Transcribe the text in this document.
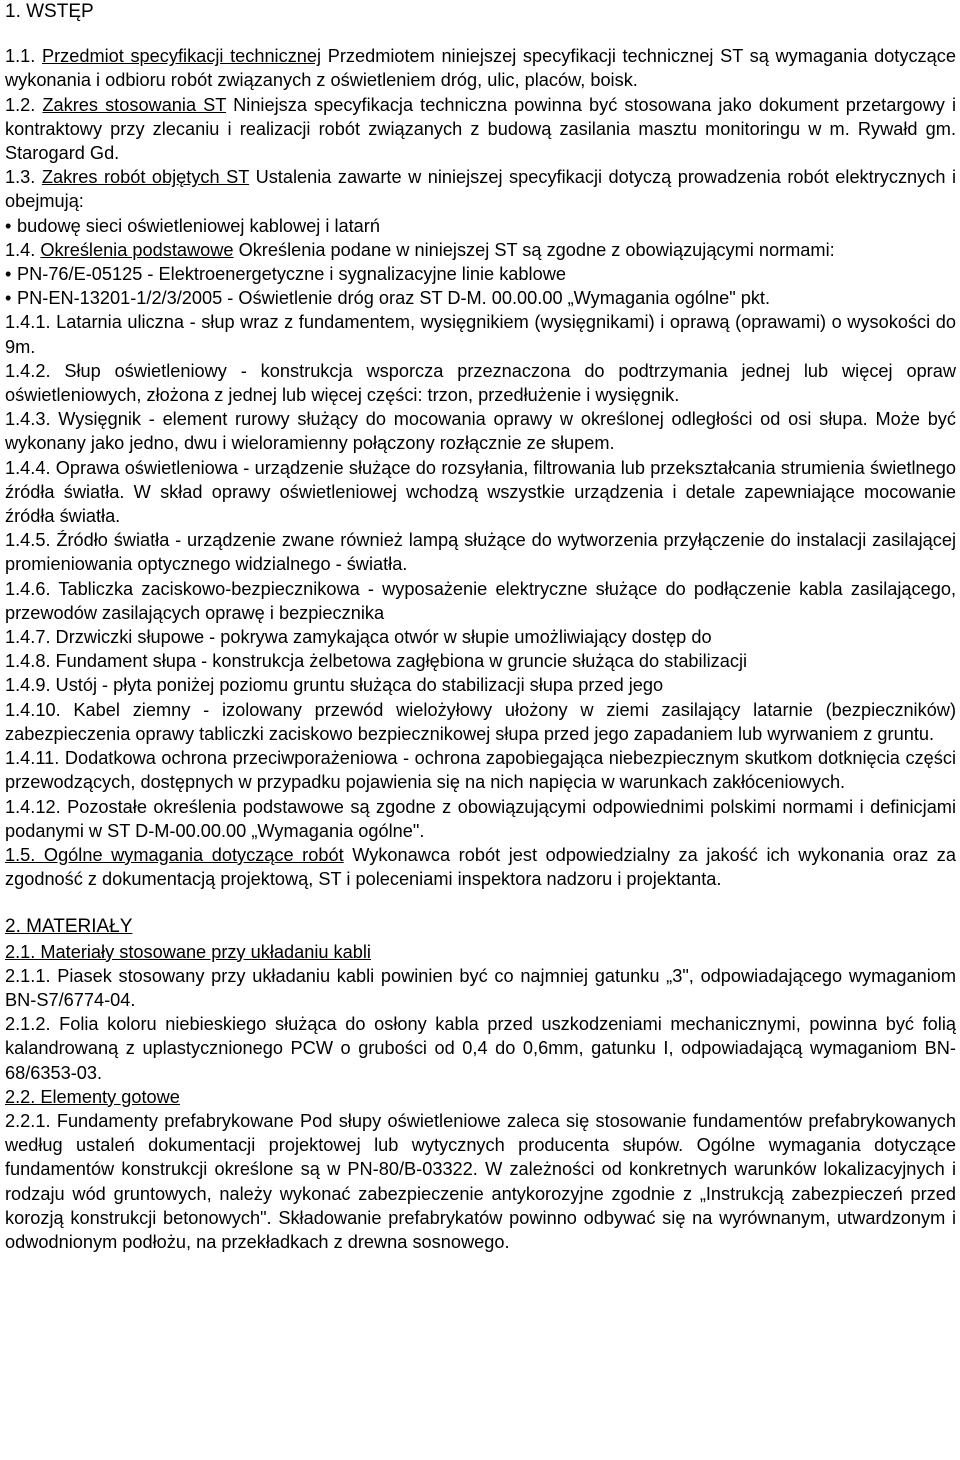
1. WSTĘP

1.1. Przedmiot specyfikacji technicznej Przedmiotem niniejszej specyfikacji technicznej ST są wymagania dotyczące wykonania i odbioru robót związanych z oświetleniem dróg, ulic, placów, boisk.

1.2. Zakres stosowania ST Niniejsza specyfikacja techniczna powinna być stosowana jako dokument przetargowy i kontraktowy przy zlecaniu i realizacji robót związanych z budową zasilania masztu monitoringu w m. Rywałd gm. Starogard Gd.

1.3. Zakres robót objętych ST Ustalenia zawarte w niniejszej specyfikacji dotyczą prowadzenia robót elektrycznych i obejmują:

• budowę sieci oświetleniowej kablowej i latarń

1.4. Określenia podstawowe Określenia podane w niniejszej ST są zgodne z obowiązującymi normami:

• PN-76/E-05125 - Elektroenergetyczne i sygnalizacyjne linie kablowe

• PN-EN-13201-1/2/3/2005 - Oświetlenie dróg oraz ST D-M. 00.00.00 „Wymagania ogólne" pkt.

1.4.1. Latarnia uliczna - słup wraz z fundamentem, wysięgnikiem (wysięgnikami) i oprawą (oprawami) o wysokości do 9m.

1.4.2. Słup oświetleniowy - konstrukcja wsporcza przeznaczona do podtrzymania jednej lub więcej opraw oświetleniowych, złożona z jednej lub więcej części: trzon, przedłużenie i wysięgnik.

1.4.3. Wysięgnik - element rurowy służący do mocowania oprawy w określonej odległości od osi słupa. Może być wykonany jako jedno, dwu i wieloramienny połączony rozłącznie ze słupem.

1.4.4. Oprawa oświetleniowa - urządzenie służące do rozsyłania, filtrowania lub przekształcania strumienia świetlnego źródła światła. W skład oprawy oświetleniowej wchodzą wszystkie urządzenia i detale zapewniające mocowanie źródła światła.

1.4.5. Źródło światła - urządzenie zwane również lampą służące do wytworzenia przyłączenie do instalacji zasilającej promieniowania optycznego widzialnego - światła.

1.4.6. Tabliczka zaciskowo-bezpiecznikowa - wyposażenie elektryczne służące do podłączenie kabla zasilającego, przewodów zasilających oprawę i bezpiecznika

1.4.7. Drzwiczki słupowe - pokrywa zamykająca otwór w słupie umożliwiający dostęp do

1.4.8. Fundament słupa - konstrukcja żelbetowa zagłębiona w gruncie służąca do stabilizacji

1.4.9. Ustój - płyta poniżej poziomu gruntu służąca do stabilizacji słupa przed jego

1.4.10. Kabel ziemny - izolowany przewód wielożyłowy ułożony w ziemi zasilający latarnie (bezpieczników) zabezpieczenia oprawy tabliczki zaciskowo bezpiecznikowej słupa przed jego zapadaniem lub wyrwaniem z gruntu.

1.4.11. Dodatkowa ochrona przeciwporażeniowa - ochrona zapobiegająca niebezpiecznym skutkom dotknięcia części przewodzących, dostępnych w przypadku pojawienia się na nich napięcia w warunkach zakłóceniowych.

1.4.12. Pozostałe określenia podstawowe są zgodne z obowiązującymi odpowiednimi polskimi normami i definicjami podanymi w ST D-M-00.00.00 „Wymagania ogólne".

1.5. Ogólne wymagania dotyczące robót Wykonawca robót jest odpowiedzialny za jakość ich wykonania oraz za zgodność z dokumentacją projektową, ST i poleceniami inspektora nadzoru i projektanta.

2. MATERIAŁY

2.1. Materiały stosowane przy układaniu kabli

2.1.1. Piasek stosowany przy układaniu kabli powinien być co najmniej gatunku „3", odpowiadającego wymaganiom BN-S7/6774-04.

2.1.2. Folia koloru niebieskiego służąca do osłony kabla przed uszkodzeniami mechanicznymi, powinna być folią kalandrowaną z uplastycznionego PCW o grubości od 0,4 do 0,6mm, gatunku I, odpowiadającą wymaganiom BN-68/6353-03.

2.2. Elementy gotowe

2.2.1. Fundamenty prefabrykowane Pod słupy oświetleniowe zaleca się stosowanie fundamentów prefabrykowanych według ustaleń dokumentacji projektowej lub wytycznych producenta słupów. Ogólne wymagania dotyczące fundamentów konstrukcji określone są w PN-80/B-03322. W zależności od konkretnych warunków lokalizacyjnych i rodzaju wód gruntowych, należy wykonać zabezpieczenie antykorozyjne zgodnie z „Instrukcją zabezpieczeń przed korozją konstrukcji betonowych". Składowanie prefabrykatów powinno odbywać się na wyrównanym, utwardzonym i odwodnionym podłożu, na przekładkach z drewna sosnowego.
